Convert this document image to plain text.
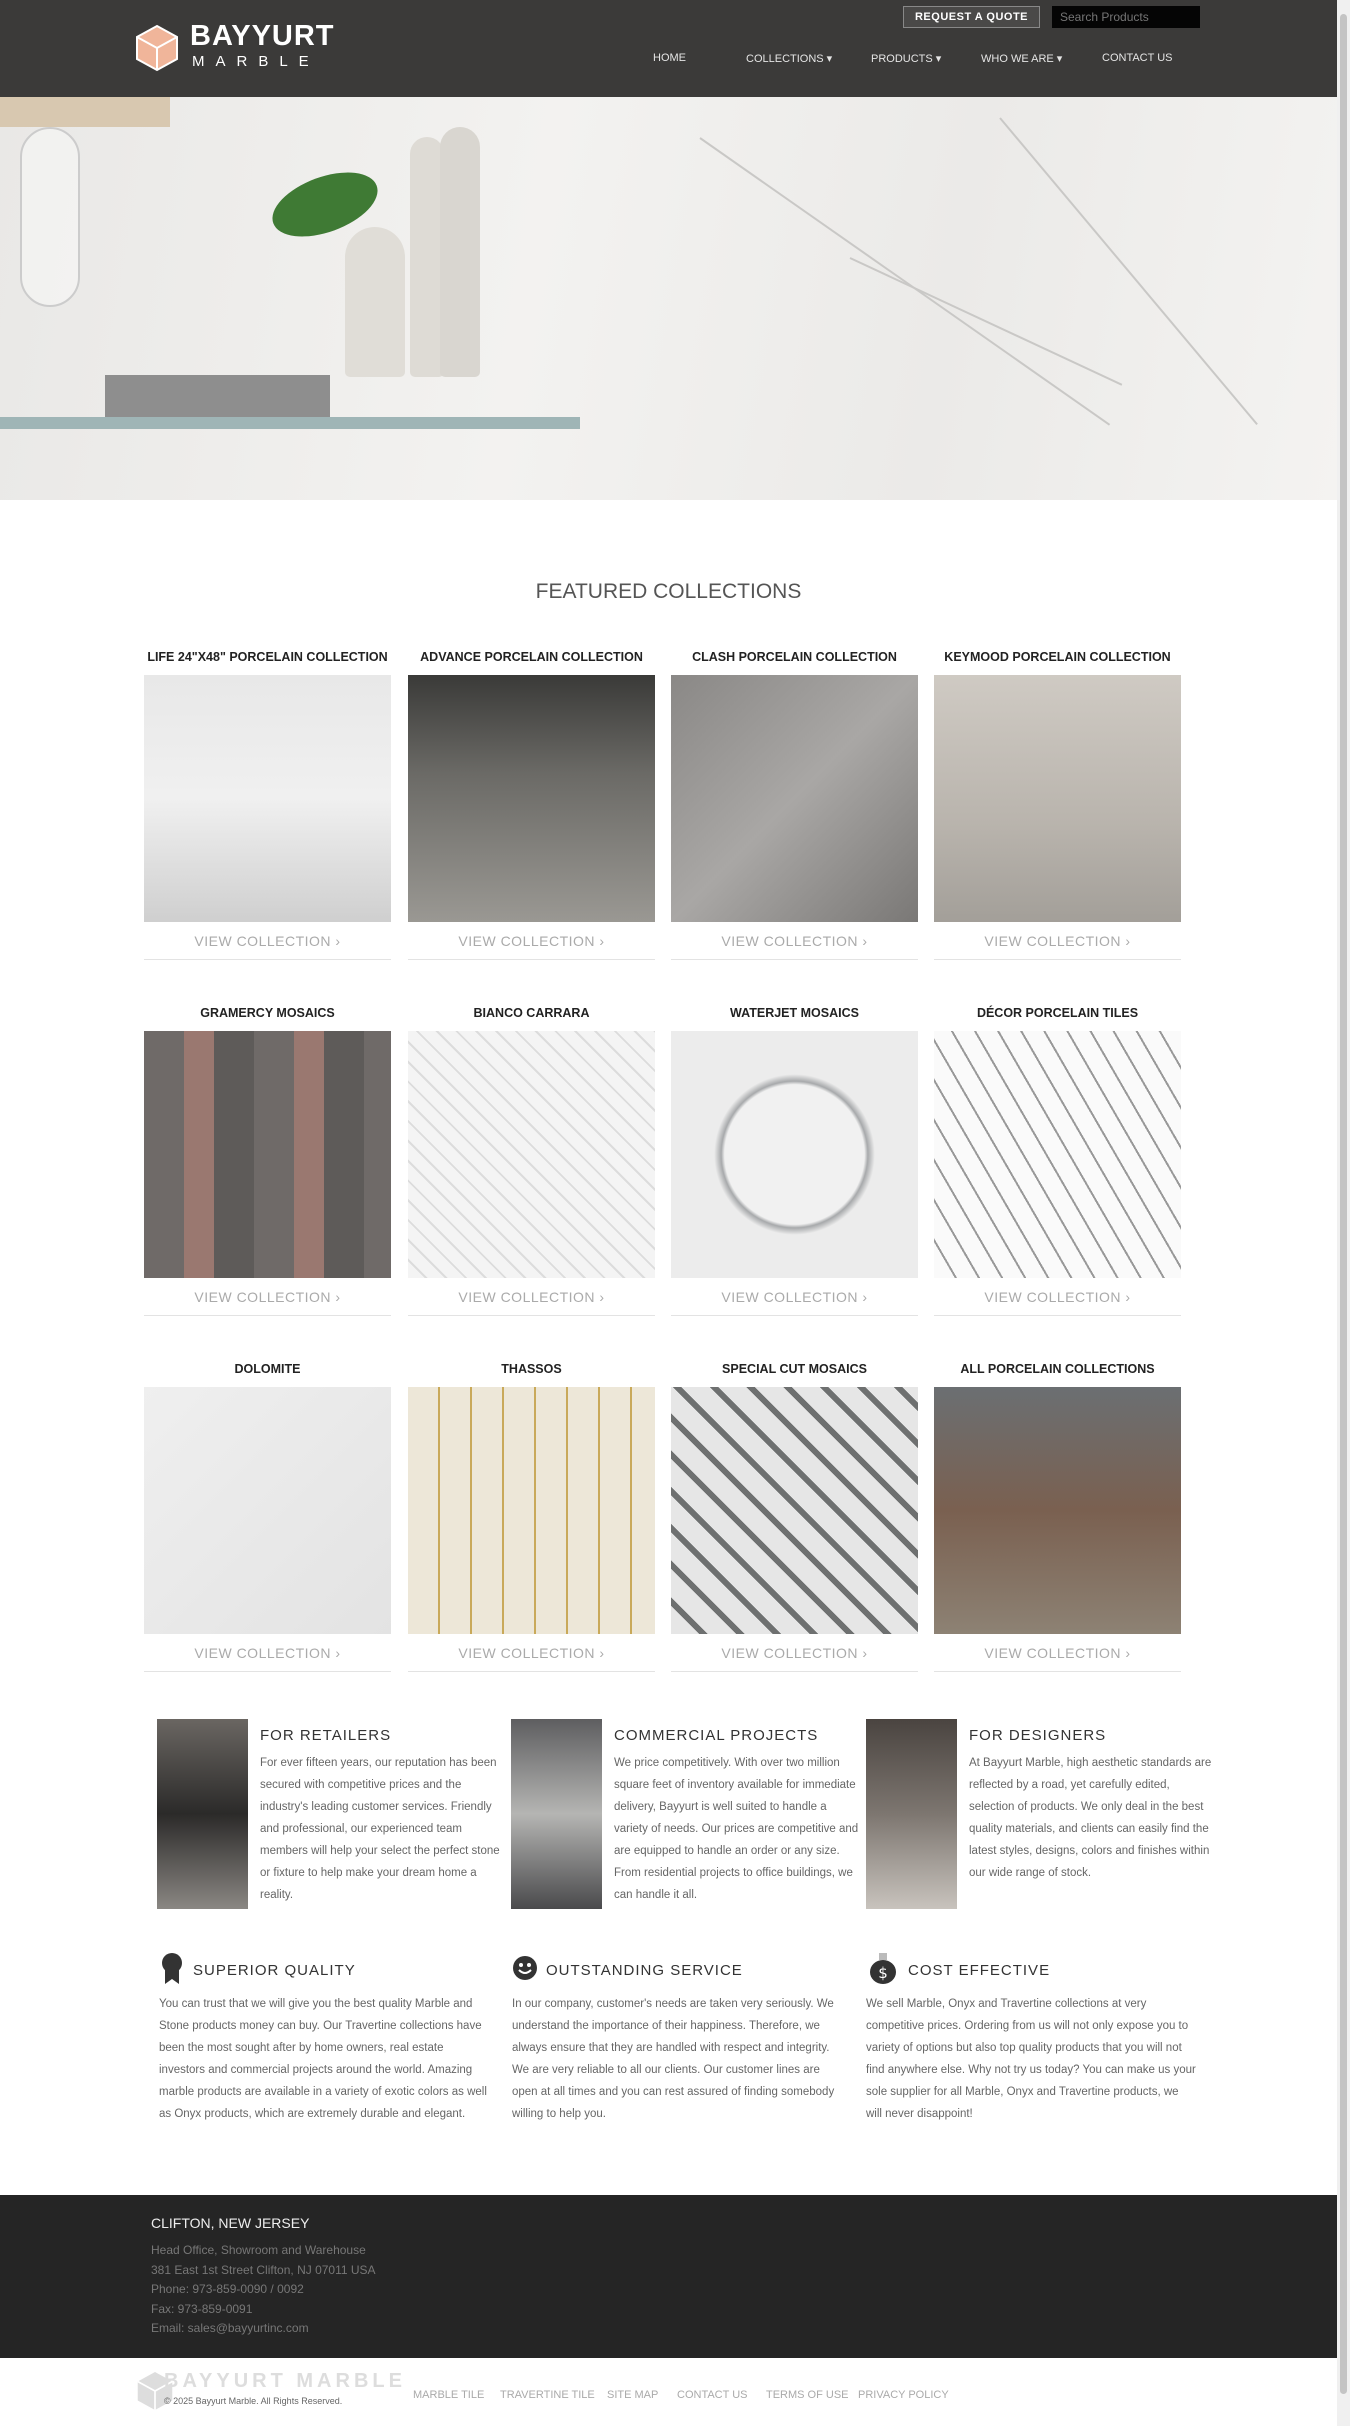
BAYYURT
MARBLE
REQUEST A QUOTE
Search Products
HOME	COLLECTIONS ▾	PRODUCTS ▾	WHO WE ARE ▾	CONTACT US
FEATURED COLLECTIONS
LIFE 24"X48" PORCELAIN COLLECTION
VIEW COLLECTION ›
ADVANCE PORCELAIN COLLECTION
VIEW COLLECTION ›
CLASH PORCELAIN COLLECTION
VIEW COLLECTION ›
KEYMOOD PORCELAIN COLLECTION
VIEW COLLECTION ›
GRAMERCY MOSAICS
VIEW COLLECTION ›
BIANCO CARRARA
VIEW COLLECTION ›
WATERJET MOSAICS
VIEW COLLECTION ›
DÉCOR PORCELAIN TILES
VIEW COLLECTION ›
DOLOMITE
VIEW COLLECTION ›
THASSOS
VIEW COLLECTION ›
SPECIAL CUT MOSAICS
VIEW COLLECTION ›
ALL PORCELAIN COLLECTIONS
VIEW COLLECTION ›
FOR RETAILERS
For ever fifteen years, our reputation has been secured with competitive prices and the industry's leading customer services. Friendly and professional, our experienced team members will help your select the perfect stone or fixture to help make your dream home a reality.
COMMERCIAL PROJECTS
We price competitively. With over two million square feet of inventory available for immediate delivery, Bayyurt is well suited to handle a variety of needs. Our prices are competitive and are equipped to handle an order or any size. From residential projects to office buildings, we can handle it all.
FOR DESIGNERS
At Bayyurt Marble, high aesthetic standards are reflected by a road, yet carefully edited, selection of products. We only deal in the best quality materials, and clients can easily find the latest styles, designs, colors and finishes within our wide range of stock.
SUPERIOR QUALITY
You can trust that we will give you the best quality Marble and Stone products money can buy. Our Travertine collections have been the most sought after by home owners, real estate investors and commercial projects around the world. Amazing marble products are available in a variety of exotic colors as well as Onyx products, which are extremely durable and elegant.
OUTSTANDING SERVICE
In our company, customer's needs are taken very seriously. We understand the importance of their happiness. Therefore, we always ensure that they are handled with respect and integrity. We are very reliable to all our clients. Our customer lines are open at all times and you can rest assured of finding somebody willing to help you.
$ COST EFFECTIVE
We sell Marble, Onyx and Travertine collections at very competitive prices. Ordering from us will not only expose you to variety of options but also top quality products that you will not find anywhere else. Why not try us today? You can make us your sole supplier for all Marble, Onyx and Travertine products, we will never disappoint!
CLIFTON, NEW JERSEY
Head Office, Showroom and Warehouse
381 East 1st Street Clifton, NJ 07011 USA
Phone: 973-859-0090 / 0092
Fax: 973-859-0091
Email: sales@bayyurtinc.com
BAYYURT MARBLE
© 2025 Bayyurt Marble. All Rights Reserved.	MARBLE TILE TRAVERTINE TILE SITE MAP CONTACT US TERMS OF USE PRIVACY POLICY
